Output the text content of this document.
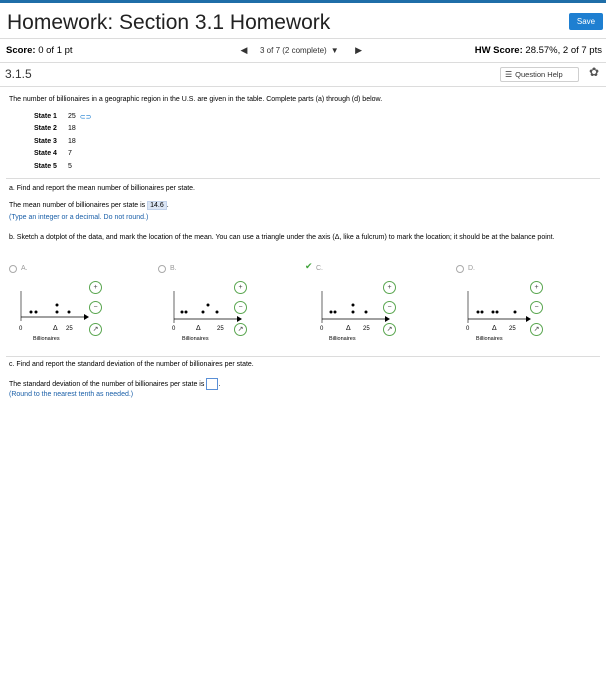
Homework: Section 3.1 Homework	Save
Score: 0 of 1 pt	◀	3 of 7 (2 complete) ▼ ▶	HW Score: 28.57%, 2 of 7 pts
3.1.5	☰ Question Help ✿
The number of billionaires in a geographic region in the U.S. are given in the table. Complete parts (a) through (d) below.
State 1	25 ⊂⊃
State 2	18
State 3	18
State 4	7
State 5	5
a. Find and report the mean number of billionaires per state.
The mean number of billionaires per state is 14.6 .
(Type an integer or a decimal. Do not round.)
b. Sketch a dotplot of the data, and mark the location of the mean. You can use a triangle under the axis (Δ, like a fulcrum) to mark the location; it should be at the balance point.
A.
0	Δ 25
Billionaires
+
−
↗
B.
0	Δ	25
Billionaires
+
−
↗
✔ C.
0	Δ 25
Billionaires
+
−
↗
D.
0	Δ 25
Billionaires
+
−
↗
c. Find and report the standard deviation of the number of billionaires per state.
The standard deviation of the number of billionaires per state is .
(Round to the nearest tenth as needed.)
